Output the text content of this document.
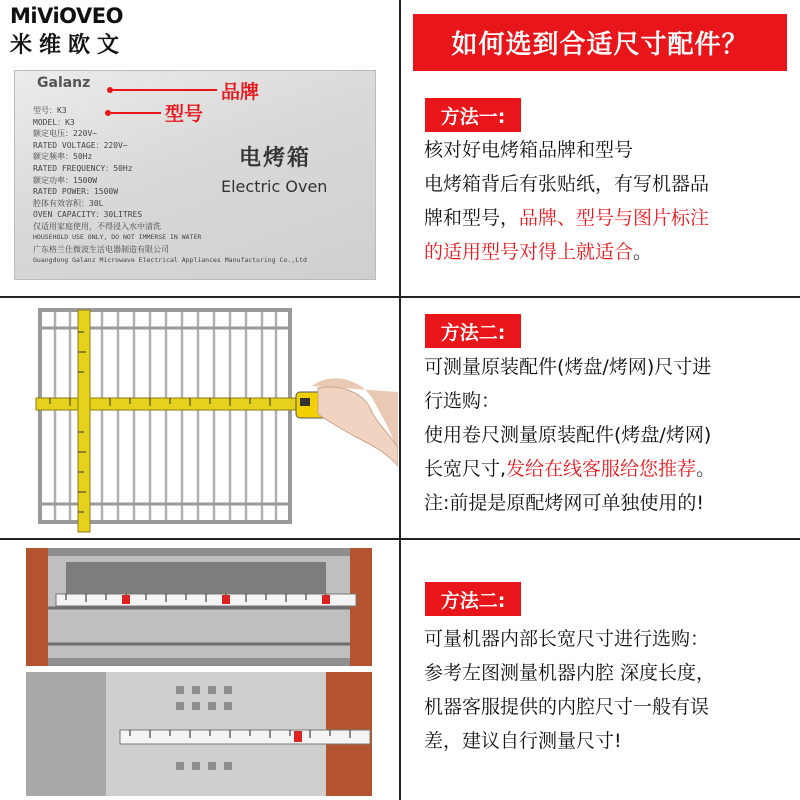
MiViOVEO
米维欧文	如何选到合适尺寸配件？
Galanz
型号：K3
MODEL：K3
额定电压：220V~
RATED VOLTAGE：220V~
额定频率：50Hz
RATED FREQUENCY：50Hz
额定功率：1500W
RATED POWER：1500W
腔体有效容积：30L
OVEN CAPACITY：30LITRES
仅适用家庭使用，不得浸入水中清洗
HOUSEHOLD USE ONLY, DO NOT IMMERSE IN WATER
广东格兰仕微波生活电器制造有限公司
Guangdong Galanz Microwave Electrical Appliances Manufacturing Co.,Ltd
电烤箱
Electric Oven
品牌
型号	方法一:
核对好电烤箱品牌和型号
电烤箱背后有张贴纸，有写机器品
牌和型号，品牌、型号与图片标注
的适用型号对得上就适合。
方法二:
可测量原装配件(烤盘/烤网)尺寸进
行选购：
使用卷尺测量原装配件(烤盘/烤网)
长宽尺寸,发给在线客服给您推荐。
注:前提是原配烤网可单独使用的!
方法二:
可量机器内部长宽尺寸进行选购：
参考左图测量机器内腔 深度长度，
机器客服提供的内腔尺寸一般有误
差，建议自行测量尺寸!
